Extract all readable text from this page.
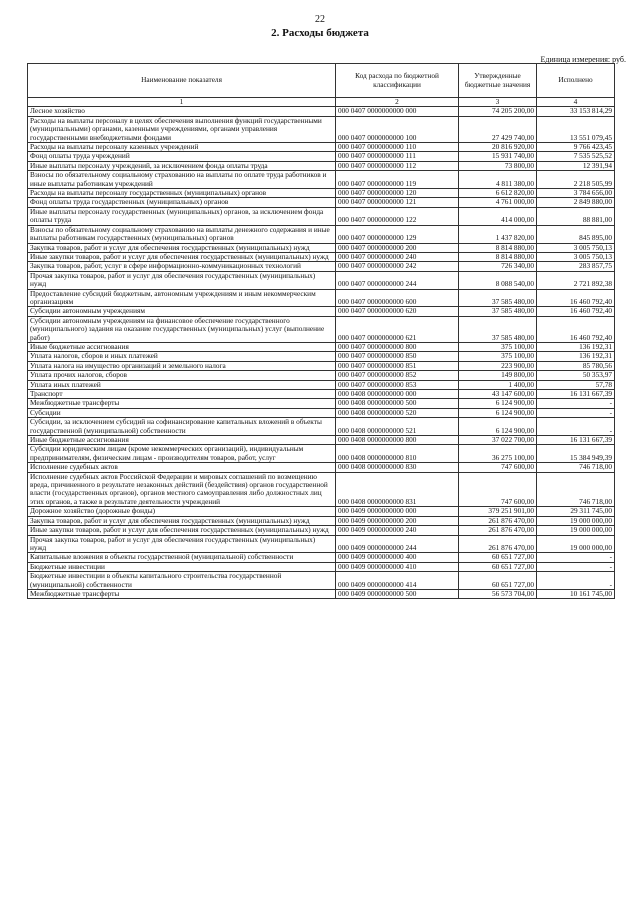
22
2. Расходы бюджета
Единица измерения: руб.
Наименование показателя	Код расхода по бюджетной классификации	Утвержденные бюджетные значения	Исполнено
1	2	3	4
Лесное хозяйство	000 0407 0000000000 000	74 205 200,00	33 153 814,29
Расходы на выплаты персоналу в целях обеспечения выполнения функций государственными (муниципальными) органами, казенными учреждениями, органами управления государственными внебюджетными фондами	000 0407 0000000000 100	27 429 740,00	13 551 079,45
Расходы на выплаты персоналу казенных учреждений	000 0407 0000000000 110	20 816 920,00	9 766 423,45
Фонд оплаты труда учреждений	000 0407 0000000000 111	15 931 740,00	7 535 525,52
Иные выплаты персоналу учреждений, за исключением фонда оплаты труда	000 0407 0000000000 112	73 800,00	12 391,94
Взносы по обязательному социальному страхованию на выплаты по оплате труда работников и иные выплаты работникам учреждений	000 0407 0000000000 119	4 811 380,00	2 218 505,99
Расходы на выплаты персоналу государственных (муниципальных) органов	000 0407 0000000000 120	6 612 820,00	3 784 656,00
Фонд оплаты труда государственных (муниципальных) органов	000 0407 0000000000 121	4 761 000,00	2 849 880,00
Иные выплаты персоналу государственных (муниципальных) органов, за исключением фонда оплаты труда	000 0407 0000000000 122	414 000,00	88 881,00
Взносы по обязательному социальному страхованию на выплаты денежного содержания и иные выплаты работникам государственных (муниципальных) органов	000 0407 0000000000 129	1 437 820,00	845 895,00
Закупка товаров, работ и услуг для обеспечения государственных (муниципальных) нужд	000 0407 0000000000 200	8 814 880,00	3 005 750,13
Иные закупки товаров, работ и услуг для обеспечения государственных (муниципальных) нужд	000 0407 0000000000 240	8 814 880,00	3 005 750,13
Закупка товаров, работ, услуг в сфере информационно-коммуникационных технологий	000 0407 0000000000 242	726 340,00	283 857,75
Прочая закупка товаров, работ и услуг для обеспечения государственных (муниципальных) нужд	000 0407 0000000000 244	8 088 540,00	2 721 892,38
Предоставление субсидий бюджетным, автономным учреждениям и иным некоммерческим организациям	000 0407 0000000000 600	37 585 480,00	16 460 792,40
Субсидии автономным учреждениям	000 0407 0000000000 620	37 585 480,00	16 460 792,40
Субсидии автономным учреждениям на финансовое обеспечение государственного (муниципального) задания на оказание государственных (муниципальных) услуг (выполнение работ)	000 0407 0000000000 621	37 585 480,00	16 460 792,40
Иные бюджетные ассигнования	000 0407 0000000000 800	375 100,00	136 192,31
Уплата налогов, сборов и иных платежей	000 0407 0000000000 850	375 100,00	136 192,31
Уплата налога на имущество организаций и земельного налога	000 0407 0000000000 851	223 900,00	85 780,56
Уплата прочих налогов, сборов	000 0407 0000000000 852	149 800,00	50 353,97
Уплата иных платежей	000 0407 0000000000 853	1 400,00	57,78
Транспорт	000 0408 0000000000 000	43 147 600,00	16 131 667,39
Межбюджетные трансферты	000 0408 0000000000 500	6 124 900,00	-
Субсидии	000 0408 0000000000 520	6 124 900,00	-
Субсидии, за исключением субсидий на софинансирование капитальных вложений в объекты государственной (муниципальной) собственности	000 0408 0000000000 521	6 124 900,00	-
Иные бюджетные ассигнования	000 0408 0000000000 800	37 022 700,00	16 131 667,39
Субсидии юридическим лицам (кроме некоммерческих организаций), индивидуальным предпринимателям, физическим лицам - производителям товаров, работ, услуг	000 0408 0000000000 810	36 275 100,00	15 384 949,39
Исполнение судебных актов	000 0408 0000000000 830	747 600,00	746 718,00
Исполнение судебных актов Российской Федерации и мировых соглашений по возмещению вреда, причиненного в результате незаконных действий (бездействия) органов государственной власти (государственных органов), органов местного самоуправления либо должностных лиц этих органов, а также в результате деятельности учреждений	000 0408 0000000000 831	747 600,00	746 718,00
Дорожное хозяйство (дорожные фонды)	000 0409 0000000000 000	379 251 901,00	29 311 745,00
Закупка товаров, работ и услуг для обеспечения государственных (муниципальных) нужд	000 0409 0000000000 200	261 876 470,00	19 000 000,00
Иные закупки товаров, работ и услуг для обеспечения государственных (муниципальных) нужд	000 0409 0000000000 240	261 876 470,00	19 000 000,00
Прочая закупка товаров, работ и услуг для обеспечения государственных (муниципальных) нужд	000 0409 0000000000 244	261 876 470,00	19 000 000,00
Капитальные вложения в объекты государственной (муниципальной) собственности	000 0409 0000000000 400	60 651 727,00	-
Бюджетные инвестиции	000 0409 0000000000 410	60 651 727,00	-
Бюджетные инвестиции в объекты капитального строительства государственной (муниципальной) собственности	000 0409 0000000000 414	60 651 727,00	-
Межбюджетные трансферты	000 0409 0000000000 500	56 573 704,00	10 161 745,00
